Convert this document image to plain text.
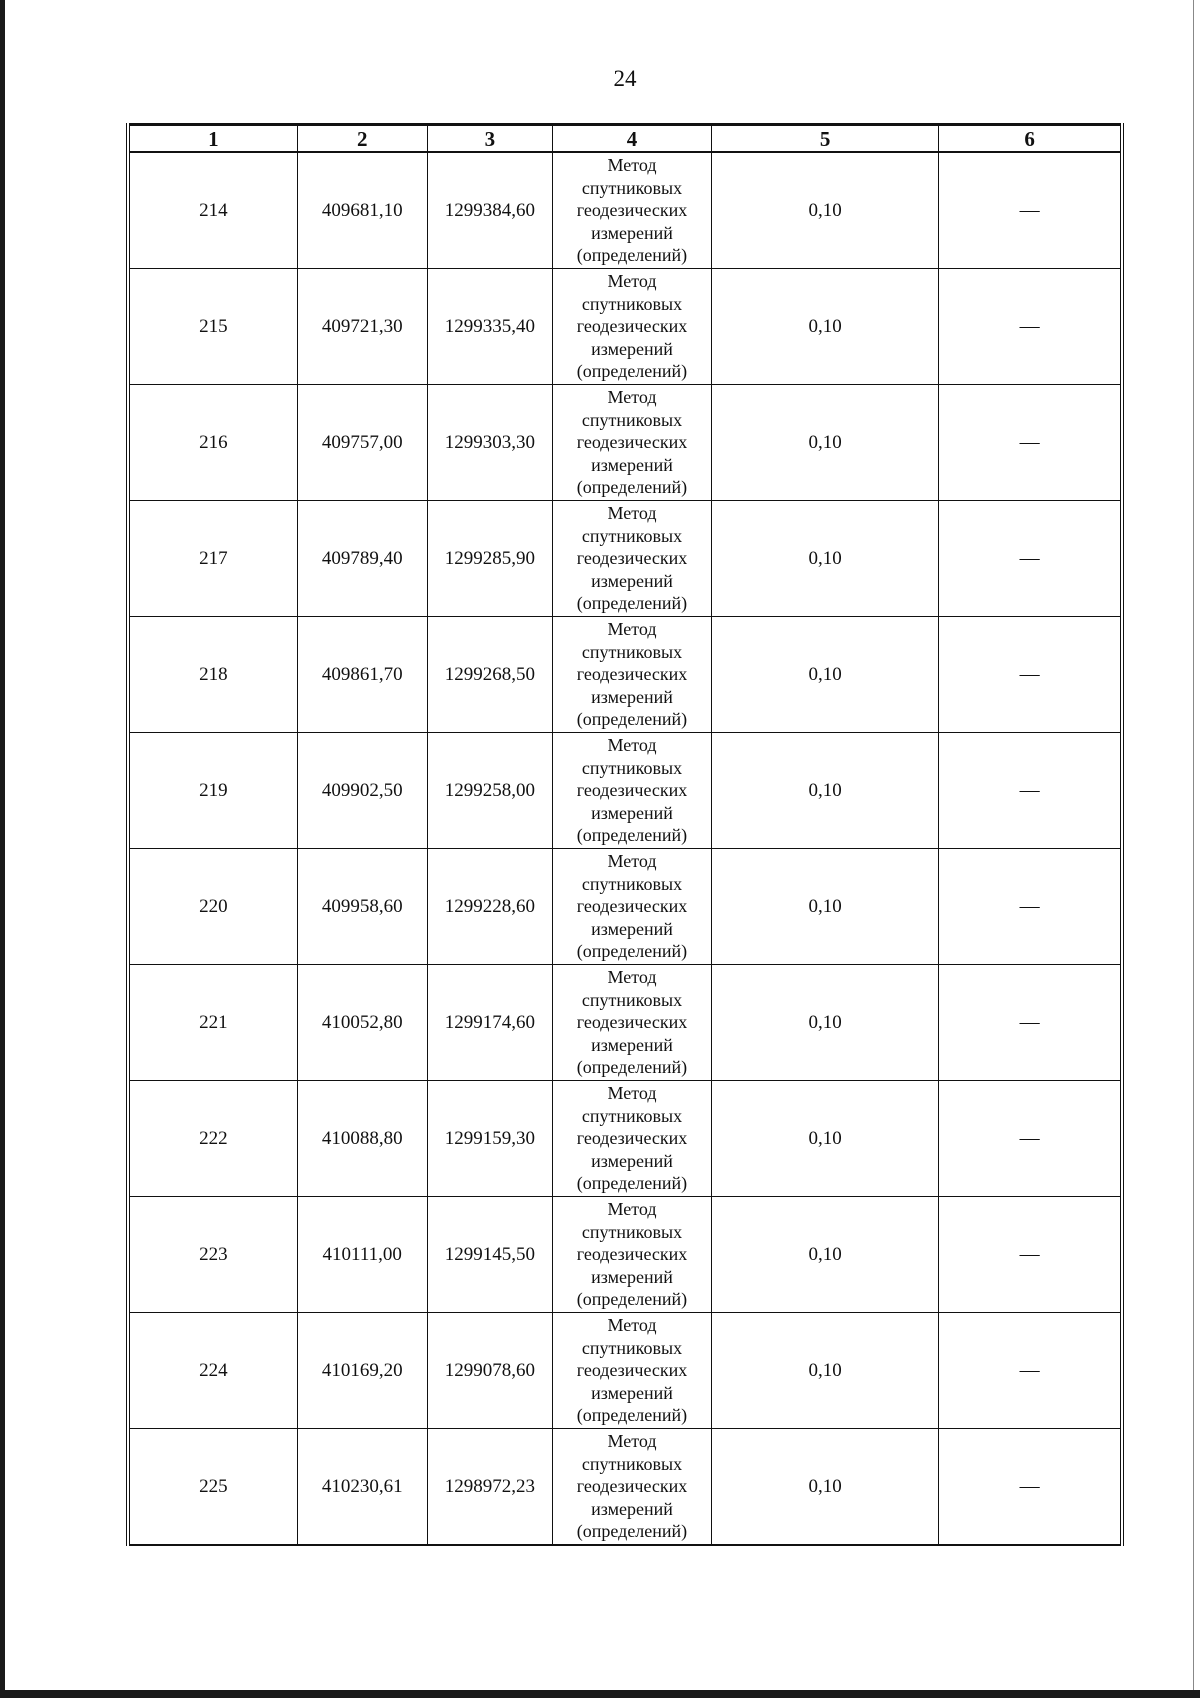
24
1	2	3	4	5	6
214	409681,10	1299384,60	Метод
спутниковых
геодезических
измерений
(определений)	0,10	—
215	409721,30	1299335,40	Метод
спутниковых
геодезических
измерений
(определений)	0,10	—
216	409757,00	1299303,30	Метод
спутниковых
геодезических
измерений
(определений)	0,10	—
217	409789,40	1299285,90	Метод
спутниковых
геодезических
измерений
(определений)	0,10	—
218	409861,70	1299268,50	Метод
спутниковых
геодезических
измерений
(определений)	0,10	—
219	409902,50	1299258,00	Метод
спутниковых
геодезических
измерений
(определений)	0,10	—
220	409958,60	1299228,60	Метод
спутниковых
геодезических
измерений
(определений)	0,10	—
221	410052,80	1299174,60	Метод
спутниковых
геодезических
измерений
(определений)	0,10	—
222	410088,80	1299159,30	Метод
спутниковых
геодезических
измерений
(определений)	0,10	—
223	410111,00	1299145,50	Метод
спутниковых
геодезических
измерений
(определений)	0,10	—
224	410169,20	1299078,60	Метод
спутниковых
геодезических
измерений
(определений)	0,10	—
225	410230,61	1298972,23	Метод
спутниковых
геодезических
измерений
(определений)	0,10	—
